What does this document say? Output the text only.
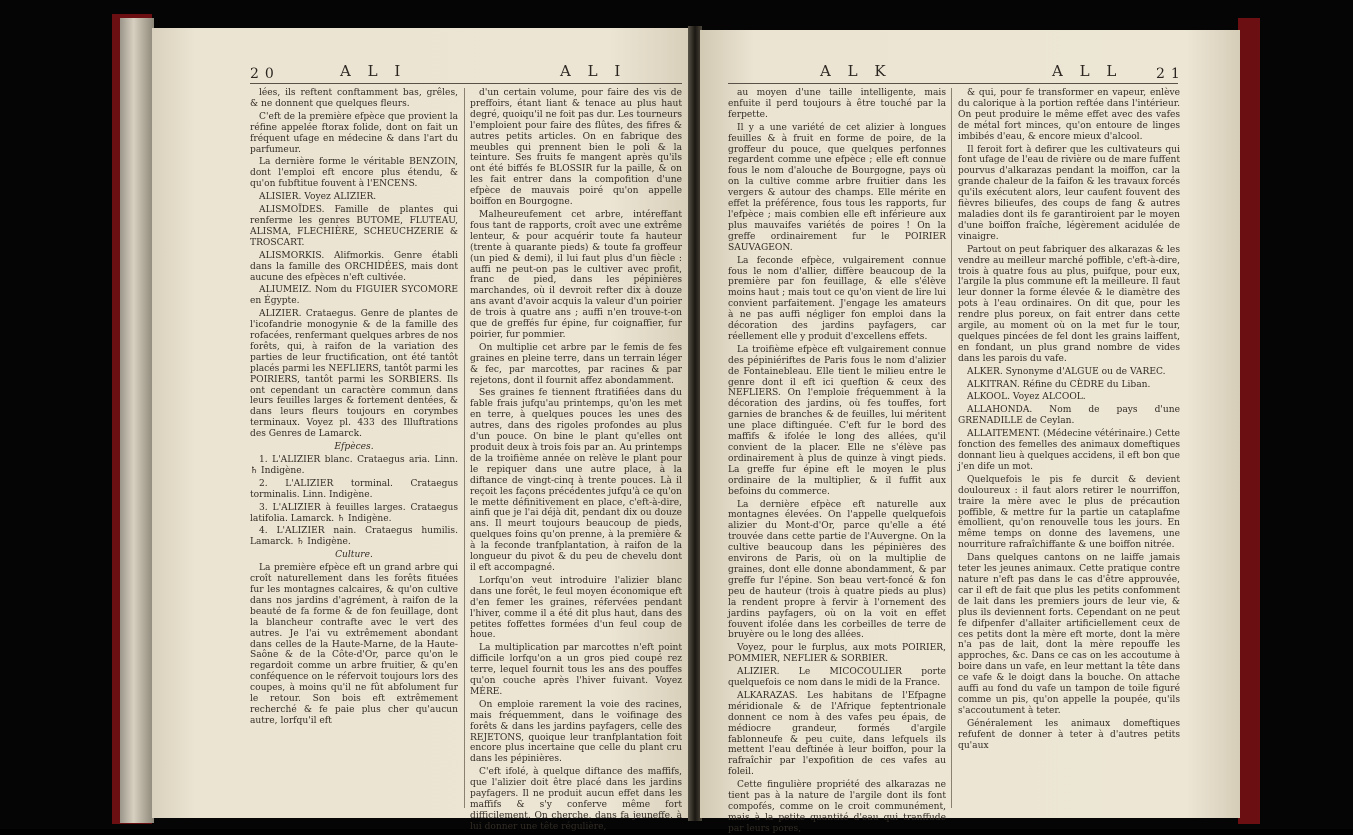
20	A L I	A L I

lées, ils reftent conftamment bas, grêles, & ne donnent que quelques fleurs.

C'eft de la première efpèce que provient la réfine appelée ftorax folide, dont on fait un fréquent ufage en médecine & dans l'art du parfumeur.

La dernière forme le véritable BENZOIN, dont l'emploi eft encore plus étendu, & qu'on fubftitue fouvent à l'ENCENS.

ALISIER. Voyez ALIZIER.

ALISMOÏDES. Famille de plantes qui renferme les genres BUTOME, FLUTEAU, ALISMA, FLECHIÈRE, SCHEUCHZERIE & TROSCART.

ALISMORKIS. Alifmorkis. Genre établi dans la famille des ORCHIDÉES, mais dont aucune des efpèces n'eft cultivée.

ALIUMEIZ. Nom du FIGUIER SYCOMORE en Égypte.

ALIZIER. Crataegus. Genre de plantes de l'icofandrie monogynie & de la famille des rofacées, renfermant quelques arbres de nos forêts, qui, à raifon de la variation des parties de leur fructification, ont été tantôt placés parmi les NEFLIERS, tantôt parmi les POIRIERS, tantôt parmi les SORBIERS. Ils ont cependant un caractère commun dans leurs feuilles larges & fortement dentées, & dans leurs fleurs toujours en corymbes terminaux. Voyez pl. 433 des Illuftrations des Genres de Lamarck.

Efpèces.

1. L'ALIZIER blanc. Crataegus aria. Linn. ♄ Indigène.

2. L'ALIZIER torminal. Crataegus torminalis. Linn. Indigène.

3. L'ALIZIER à feuilles larges. Crataegus latifolia. Lamarck. ♄ Indigène.

4. L'ALIZIER nain. Crataegus humilis. Lamarck. ♄ Indigène.

Culture.

La première efpèce eft un grand arbre qui croît naturellement dans les forêts fituées fur les montagnes calcaires, & qu'on cultive dans nos jardins d'agrément, à raifon de la beauté de fa forme & de fon feuillage, dont la blancheur contrafte avec le vert des autres. Je l'ai vu extrêmement abondant dans celles de la Haute-Marne, de la Haute-Saône & de la Côte-d'Or, parce qu'on le regardoit comme un arbre fruitier, & qu'en conféquence on le réfervoit toujours lors des coupes, à moins qu'il ne fût abfolument fur le retour. Son bois eft extrêmement recherché & fe paie plus cher qu'aucun autre, lorfqu'il eft

d'un certain volume, pour faire des vis de preffoirs, étant liant & tenace au plus haut degré, quoiqu'il ne foit pas dur. Les tourneurs l'emploient pour faire des flûtes, des fifres & autres petits articles. On en fabrique des meubles qui prennent bien le poli & la teinture. Ses fruits fe mangent après qu'ils ont été biffés fe BLOSSIR fur la paille, & on les fait entrer dans la compofition d'une efpèce de mauvais poiré qu'on appelle boiffon en Bourgogne.

Malheureufement cet arbre, intéreffant fous tant de rapports, croît avec une extrême lenteur, & pour acquérir toute fa hauteur (trente à quarante pieds) & toute fa groffeur (un pied & demi), il lui faut plus d'un fiècle : auffi ne peut-on pas le cultiver avec profit, franc de pied, dans les pépinières marchandes, où il devroit refter dix à douze ans avant d'avoir acquis la valeur d'un poirier de trois à quatre ans ; auffi n'en trouve-t-on que de greffés fur épine, fur coignaffier, fur poirier, fur pommier.

On multiplie cet arbre par le femis de fes graines en pleine terre, dans un terrain léger & fec, par marcottes, par racines & par rejetons, dont il fournit affez abondamment.

Ses graines fe tiennent ftratifiées dans du fable frais jufqu'au printemps, qu'on les met en terre, à quelques pouces les unes des autres, dans des rigoles profondes au plus d'un pouce. On bine le plant qu'elles ont produit deux à trois fois par an. Au printemps de la troifième année on relève le plant pour le repiquer dans une autre place, à la diftance de vingt-cinq à trente pouces. Là il reçoit les façons précédentes jufqu'à ce qu'on le mette définitivement en place, c'eft-à-dire, ainfi que je l'ai déjà dit, pendant dix ou douze ans. Il meurt toujours beaucoup de pieds, quelques foins qu'on prenne, à la première & à la feconde tranfplantation, à raifon de la longueur du pivot & du peu de chevelu dont il eft accompagné.

Lorfqu'on veut introduire l'alizier blanc dans une forêt, le feul moyen économique eft d'en femer les graines, réfervées pendant l'hiver, comme il a été dit plus haut, dans des petites foffettes formées d'un feul coup de houe.

La multiplication par marcottes n'eft point difficile lorfqu'on a un gros pied coupé rez terre, lequel fournit tous les ans des pouffes qu'on couche après l'hiver fuivant. Voyez MÈRE.

On emploie rarement la voie des racines, mais fréquemment, dans le voifinage des forêts & dans les jardins payfagers, celle des REJETONS, quoique leur tranfplantation foit encore plus incertaine que celle du plant cru dans les pépinières.

C'eft ifolé, à quelque diftance des maffifs, que l'alizier doit être placé dans les jardins payfagers. Il ne produit aucun effet dans les maffifs & s'y conferve même fort difficilement. On cherche, dans fa jeuneffe, à lui donner une tête régulière,

A L K	A L L 21

au moyen d'une taille intelligente, mais enfuite il perd toujours à être touché par la ferpette.

Il y a une variété de cet alizier à longues feuilles & à fruit en forme de poire, de la groffeur du pouce, que quelques perfonnes regardent comme une efpèce ; elle eft connue fous le nom d'alouche de Bourgogne, pays où on la cultive comme arbre fruitier dans les vergers & autour des champs. Elle mérite en effet la préférence, fous tous les rapports, fur l'efpèce ; mais combien elle eft inférieure aux plus mauvaifes variétés de poires ! On la greffe ordinairement fur le POIRIER SAUVAGEON.

La feconde efpèce, vulgairement connue fous le nom d'allier, diffère beaucoup de la première par fon feuillage, & elle s'élève moins haut ; mais tout ce qu'on vient de lire lui convient parfaitement. J'engage les amateurs à ne pas auffi négliger fon emploi dans la décoration des jardins payfagers, car réellement elle y produit d'excellens effets.

La troifième efpèce eft vulgairement connue des pépiniériftes de Paris fous le nom d'alizier de Fontainebleau. Elle tient le milieu entre le genre dont il eft ici queftion & ceux des NEFLIERS. On l'emploie fréquemment à la décoration des jardins, où fes touffes, fort garnies de branches & de feuilles, lui méritent une place diftinguée. C'eft fur le bord des maffifs & ifolée le long des allées, qu'il convient de la placer. Elle ne s'élève pas ordinairement à plus de quinze à vingt pieds. La greffe fur épine eft le moyen le plus ordinaire de la multiplier, & il fuffit aux befoins du commerce.

La dernière efpèce eft naturelle aux montagnes élevées. On l'appelle quelquefois alizier du Mont-d'Or, parce qu'elle a été trouvée dans cette partie de l'Auvergne. On la cultive beaucoup dans les pépinières des environs de Paris, où on la multiplie de graines, dont elle donne abondamment, & par greffe fur l'épine. Son beau vert-foncé & fon peu de hauteur (trois à quatre pieds au plus) la rendent propre à fervir à l'ornement des jardins payfagers, où on la voit en effet fouvent ifolée dans les corbeilles de terre de bruyère ou le long des allées.

Voyez, pour le furplus, aux mots POIRIER, POMMIER, NEFLIER & SORBIER.

ALIZIER. Le MICOCOULIER porte quelquefois ce nom dans le midi de la France.

ALKARAZAS. Les habitans de l'Efpagne méridionale & de l'Afrique feptentrionale donnent ce nom à des vafes peu épais, de médiocre grandeur, formés d'argile fablonneufe & peu cuite, dans lefquels ils mettent l'eau deftinée à leur boiffon, pour la rafraîchir par l'expofition de ces vafes au foleil.

Cette fingulière propriété des alkarazas ne tient pas à la nature de l'argile dont ils font compofés, comme on le croit communément, mais à la petite quantité d'eau qui tranffude par leurs pores,

& qui, pour fe transformer en vapeur, enlève du calorique à la portion reftée dans l'intérieur. On peut produire le même effet avec des vafes de métal fort minces, qu'on entoure de linges imbibés d'eau, & encore mieux d'alcool.

Il feroit fort à defirer que les cultivateurs qui font ufage de l'eau de rivière ou de mare fuffent pourvus d'alkarazas pendant la moiffon, car la grande chaleur de la faifon & les travaux forcés qu'ils exécutent alors, leur caufent fouvent des fièvres bilieufes, des coups de fang & autres maladies dont ils fe garantiroient par le moyen d'une boiffon fraîche, légèrement acidulée de vinaigre.

Partout on peut fabriquer des alkarazas & les vendre au meilleur marché poffible, c'eft-à-dire, trois à quatre fous au plus, puifque, pour eux, l'argile la plus commune eft la meilleure. Il faut leur donner la forme élevée & le diamètre des pots à l'eau ordinaires. On dit que, pour les rendre plus poreux, on fait entrer dans cette argile, au moment où on la met fur le tour, quelques pincées de fel dont les grains laiffent, en fondant, un plus grand nombre de vides dans les parois du vafe.

ALKER. Synonyme d'ALGUE ou de VAREC.

ALKITRAN. Réfine du CÈDRE du Liban.

ALKOOL. Voyez ALCOOL.

ALLAHONDA. Nom de pays d'une GRENADILLE de Ceylan.

ALLAITEMENT. (Médecine vétérinaire.) Cette fonction des femelles des animaux domeftiques donnant lieu à quelques accidens, il eft bon que j'en dife un mot.

Quelquefois le pis fe durcit & devient douloureux : il faut alors retirer le nourriffon, traire la mère avec le plus de précaution poffible, & mettre fur la partie un cataplafme émollient, qu'on renouvelle tous les jours. En même temps on donne des lavemens, une nourriture rafraîchiffante & une boiffon nitrée.

Dans quelques cantons on ne laiffe jamais teter les jeunes animaux. Cette pratique contre nature n'eft pas dans le cas d'être approuvée, car il eft de fait que plus les petits confomment de lait dans les premiers jours de leur vie, & plus ils deviennent forts. Cependant on ne peut fe difpenfer d'allaiter artificiellement ceux de ces petits dont la mère eft morte, dont la mère n'a pas de lait, dont la mère repouffe les approches, &c. Dans ce cas on les accoutume à boire dans un vafe, en leur mettant la tête dans ce vafe & le doigt dans la bouche. On attache auffi au fond du vafe un tampon de toile figuré comme un pis, qu'on appelle la poupée, qu'ils s'accoutument à teter.

Généralement les animaux domeftiques refufent de donner à teter à d'autres petits qu'aux
